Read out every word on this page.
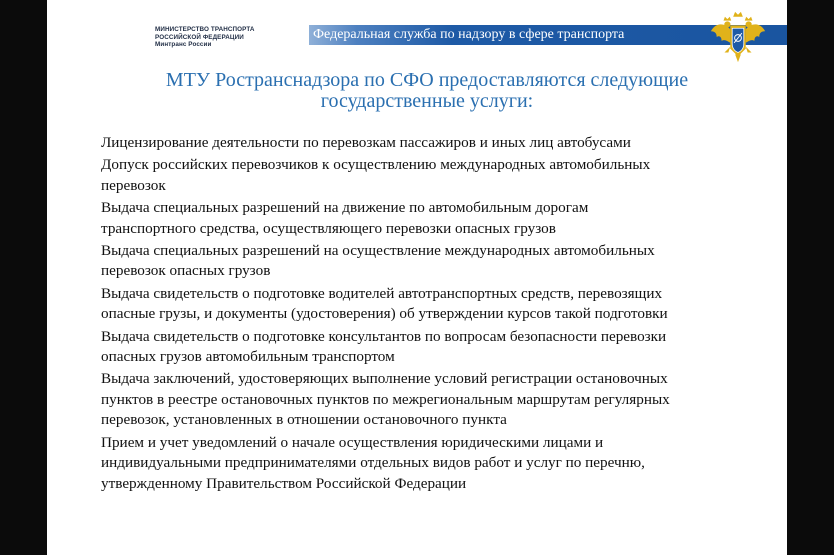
МИНИСТЕРСТВО ТРАНСПОРТА
РОССИЙСКОЙ ФЕДЕРАЦИИ
Минтранс России
Федеральная служба по надзору в сфере транспорта
МТУ Ространснадзора по СФО предоставляются следующие
государственные услуги:
Лицензирование деятельности по перевозкам пассажиров и иных лиц автобусами
Допуск российских перевозчиков к осуществлению международных автомобильных
перевозок
Выдача специальных разрешений на движение по автомобильным дорогам
транспортного средства, осуществляющего перевозки опасных грузов
Выдача специальных разрешений на осуществление международных автомобильных
перевозок опасных грузов
Выдача свидетельств о подготовке водителей автотранспортных средств, перевозящих
опасные грузы, и документы (удостоверения) об утверждении курсов такой подготовки
Выдача свидетельств о подготовке консультантов по вопросам безопасности перевозки
опасных грузов автомобильным транспортом
Выдача заключений, удостоверяющих выполнение условий регистрации остановочных
пунктов в реестре остановочных пунктов по межрегиональным маршрутам регулярных
перевозок, установленных в отношении остановочного пункта
Прием и учет уведомлений о начале осуществления юридическими лицами и
индивидуальными предпринимателями отдельных видов работ и услуг по перечню,
утвержденному Правительством Российской Федерации
